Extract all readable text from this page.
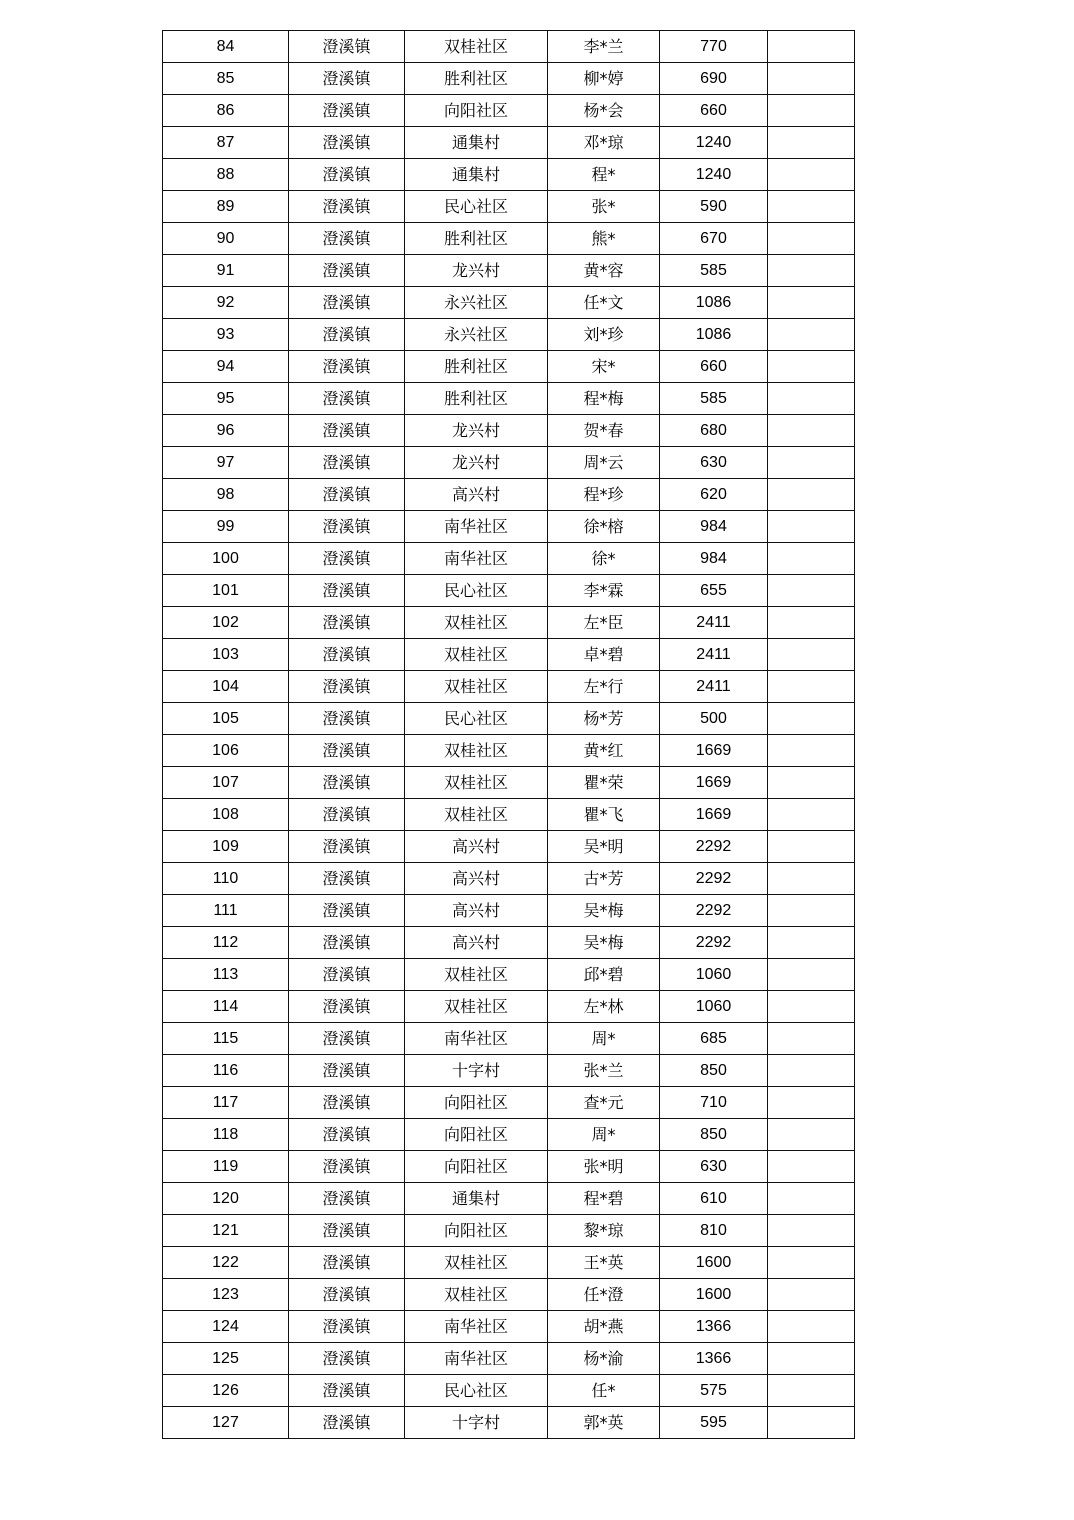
84	澄溪镇	双桂社区	李*兰	770	
85	澄溪镇	胜利社区	柳*婷	690	
86	澄溪镇	向阳社区	杨*会	660	
87	澄溪镇	通集村	邓*琼	1240	
88	澄溪镇	通集村	程*	1240	
89	澄溪镇	民心社区	张*	590	
90	澄溪镇	胜利社区	熊*	670	
91	澄溪镇	龙兴村	黄*容	585	
92	澄溪镇	永兴社区	任*文	1086	
93	澄溪镇	永兴社区	刘*珍	1086	
94	澄溪镇	胜利社区	宋*	660	
95	澄溪镇	胜利社区	程*梅	585	
96	澄溪镇	龙兴村	贺*春	680	
97	澄溪镇	龙兴村	周*云	630	
98	澄溪镇	高兴村	程*珍	620	
99	澄溪镇	南华社区	徐*榕	984	
100	澄溪镇	南华社区	徐*	984	
101	澄溪镇	民心社区	李*霖	655	
102	澄溪镇	双桂社区	左*臣	2411	
103	澄溪镇	双桂社区	卓*碧	2411	
104	澄溪镇	双桂社区	左*行	2411	
105	澄溪镇	民心社区	杨*芳	500	
106	澄溪镇	双桂社区	黄*红	1669	
107	澄溪镇	双桂社区	瞿*荣	1669	
108	澄溪镇	双桂社区	瞿*飞	1669	
109	澄溪镇	高兴村	吴*明	2292	
110	澄溪镇	高兴村	古*芳	2292	
111	澄溪镇	高兴村	吴*梅	2292	
112	澄溪镇	高兴村	吴*梅	2292	
113	澄溪镇	双桂社区	邱*碧	1060	
114	澄溪镇	双桂社区	左*林	1060	
115	澄溪镇	南华社区	周*	685	
116	澄溪镇	十字村	张*兰	850	
117	澄溪镇	向阳社区	查*元	710	
118	澄溪镇	向阳社区	周*	850	
119	澄溪镇	向阳社区	张*明	630	
120	澄溪镇	通集村	程*碧	610	
121	澄溪镇	向阳社区	黎*琼	810	
122	澄溪镇	双桂社区	王*英	1600	
123	澄溪镇	双桂社区	任*澄	1600	
124	澄溪镇	南华社区	胡*燕	1366	
125	澄溪镇	南华社区	杨*渝	1366	
126	澄溪镇	民心社区	任*	575	
127	澄溪镇	十字村	郭*英	595	
